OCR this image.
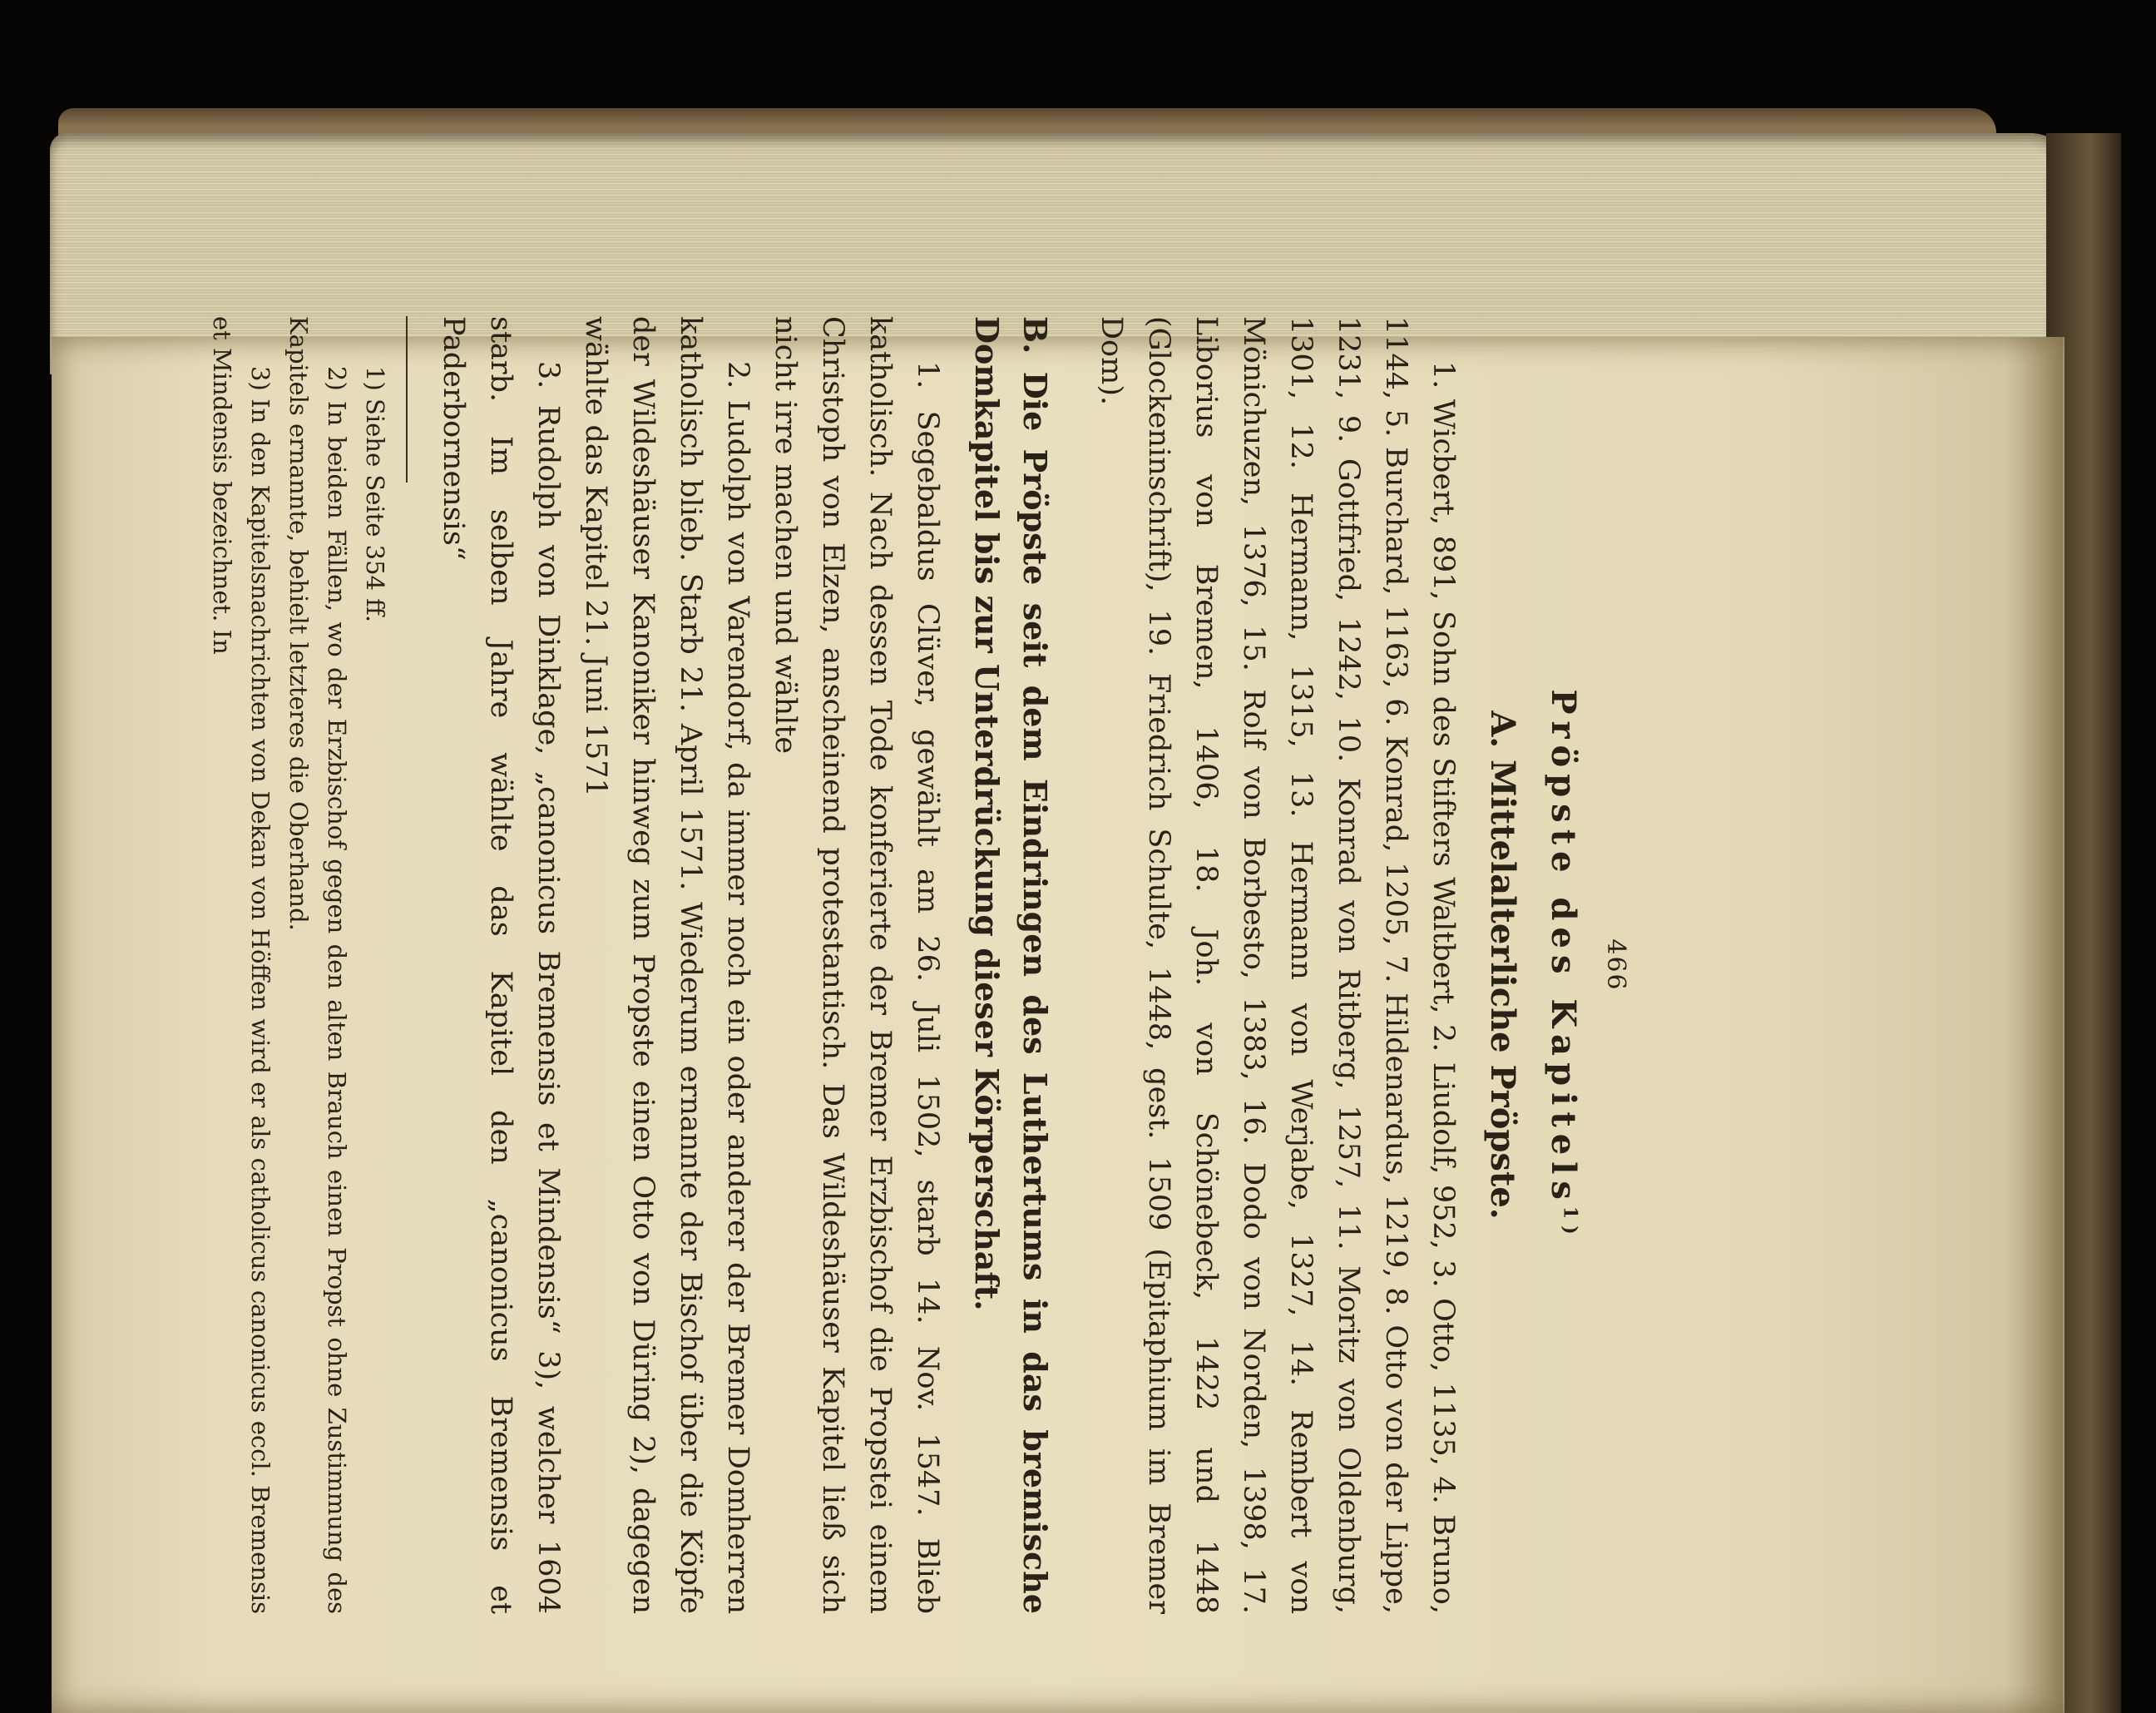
466

Pröpste des Kapitels$^{1)}$
A. Mittelalterliche Pröpste.

1. Wicbert, 891, Sohn des Stifters Waltbert, 2. Liudolf, 952, 3. Otto, 1135, 4. Bruno, 1144, 5. Burchard, 1163, 6. Konrad, 1205, 7. Hildenardus, 1219, 8. Otto von der Lippe, 1231, 9. Gottfried, 1242, 10. Konrad von Ritberg, 1257, 11. Moritz von Oldenburg, 1301, 12. Hermann, 1315, 13. Hermann von Werjabe, 1327, 14. Rembert von Mönichuzen, 1376, 15. Rolf von Borbesto, 1383, 16. Dodo von Norden, 1398, 17. Liborius von Bremen, 1406, 18. Joh. von Schönebeck, 1422 und 1448 (Glockeninschrift), 19. Friedrich Schulte, 1448, gest. 1509 (Epitaphium im Bremer Dom).

B. Die Pröpste seit dem Eindringen des Luthertums in das bremische Domkapitel bis zur Unterdrückung dieser Körperschaft.

1. Segebaldus Clüver, gewählt am 26. Juli 1502, starb 14. Nov. 1547. Blieb katholisch. Nach dessen Tode konferierte der Bremer Erzbischof die Propstei einem Christoph von Elzen, anscheinend protestantisch. Das Wildeshäuser Kapitel ließ sich nicht irre machen und wählte

2. Ludolph von Varendorf, da immer noch ein oder anderer der Bremer Domherren katholisch blieb. Starb 21. April 1571. Wiederum ernannte der Bischof über die Köpfe der Wildeshäuser Kanoniker hinweg zum Propste einen Otto von Düring 2), dagegen wählte das Kapitel 21. Juni 1571

3. Rudolph von Dinklage, „canonicus Bremensis et Mindensis“ 3), welcher 1604 starb. Im selben Jahre wählte das Kapitel den „canonicus Bremensis et Paderbornensis“

1) Siehe Seite 354 ff.

2) In beiden Fällen, wo der Erzbischof gegen den alten Brauch einen Propst ohne Zustimmung des Kapitels ernannte, behielt letzteres die Oberhand.

3) In den Kapitelsnachrichten von Dekan von Höffen wird er als catholicus canonicus eccl. Bremensis et Mindensis bezeichnet. In
